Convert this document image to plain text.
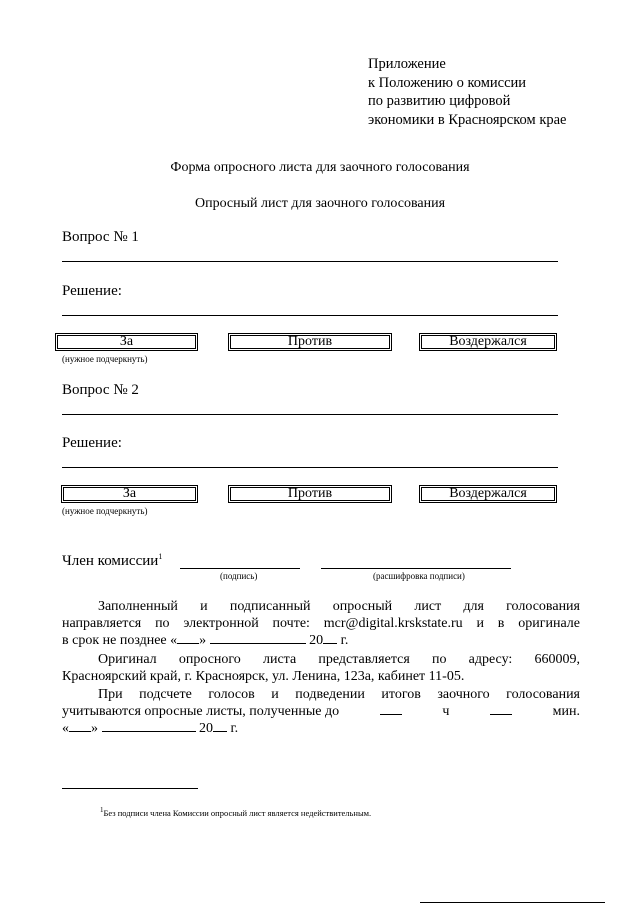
Приложение
к Положению о комиссии
по развитию цифровой
экономики в Красноярском крае
Форма опросного листа для заочного голосования
Опросный лист для заочного голосования
Вопрос № 1
Решение:
За	Против	Воздержался
(нужное подчеркнуть)
Вопрос № 2
Решение:
За	Против	Воздержался
(нужное подчеркнуть)
Член комиссии$^1$
(подпись)	(расшифровка подписи)
Заполненный и подписанный опросный лист для голосования
направляется по электронной почте: mcr@digital.krskstate.ru и в оригинале
в срок не позднее « »	20 г.
Оригинал опросного листа представляется по адресу: 660009,
Красноярский край, г. Красноярск, ул. Ленина, 123а, кабинет 11-05.
При подсчете голосов и подведении итогов заочного голосования
учитываются опросные листы, полученные до	ч	мин.
« »	20 г.
$^1$Без подписи члена Комиссии опросный лист является недействительным.
